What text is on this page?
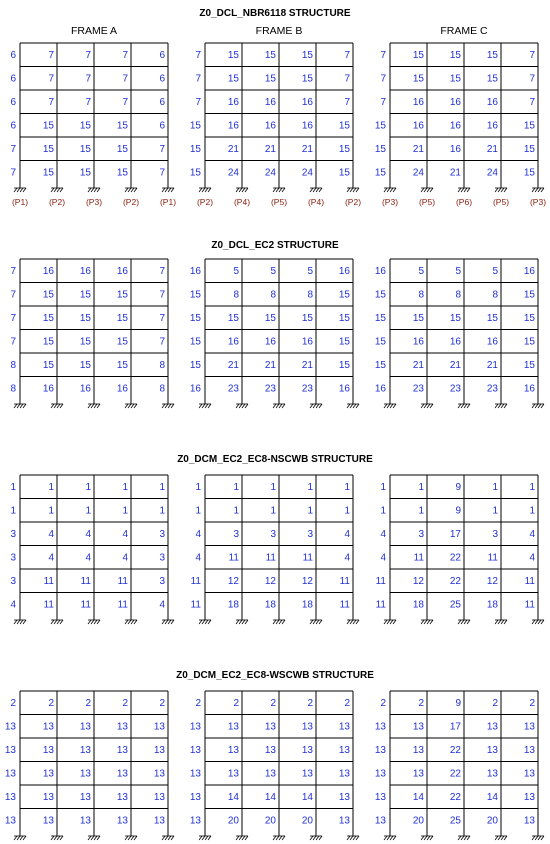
FRAME A	FRAME B	FRAME C
Z0_DCL_NBR6118 STRUCTURE
6	7	7	7	6
6	7	7	7	6
6	7	7	7	6
6	15	15	15	6
7	15	15	15	7
7	15	15	15	7
(P1) (P2) (P3) (P2) (P1)
7	15	15	15	7
7	15	15	15	7
7	16	16	16	7
15	16	16	16	15
15	21	21	21	15
15	24	24	24	15
(P2) (P4) (P5) (P4) (P2)
7	15	15	15	7
7	15	15	15	7
7	16	16	16	7
15	16	16	16	15
15	21	16	21	15
15	24	21	24	15
(P3) (P5) (P6) (P5) (P3)
Z0_DCL_EC2 STRUCTURE
7	16	16	16	7
7	15	15	15	7
7	15	15	15	7
7	15	15	15	7
8	15	15	15	8
8	16	16	16	8
16	5	5	5	16
15	8	8	8	15
15	15	15	15	15
15	16	16	16	15
15	21	21	21	15
16	23	23	23	16
16	5	5	5	16
15	8	8	8	15
15	15	15	15	15
15	16	16	16	15
15	21	21	21	15
16	23	23	23	16
Z0_DCM_EC2_EC8-NSCWB STRUCTURE
1	1	1	1	1
1	1	1	1	1
3	4	4	4	3
3	4	4	4	3
3	11	11	11	3
4	11	11	11	4
1	1	1	1	1
1	1	1	1	1
4	3	3	3	4
4	11	11	11	4
11	12	12	12	11
11	18	18	18	11
1	1	9	1	1
1	1	9	1	1
4	3	17	3	4
4	11	22	11	4
11	12	22	12	11
11	18	25	18	11
Z0_DCM_EC2_EC8-WSCWB STRUCTURE
2	2	2	2	2
13	13	13	13	13
13	13	13	13	13
13	13	13	13	13
13	13	13	13	13
13	13	13	13	13
2	2	2	2	2
13	13	13	13	13
13	13	13	13	13
13	13	13	13	13
13	14	14	14	13
13	20	20	20	13
2	2	9	2	2
13	13	17	13	13
13	13	22	13	13
13	13	22	13	13
13	14	22	14	13
13	20	25	20	13
